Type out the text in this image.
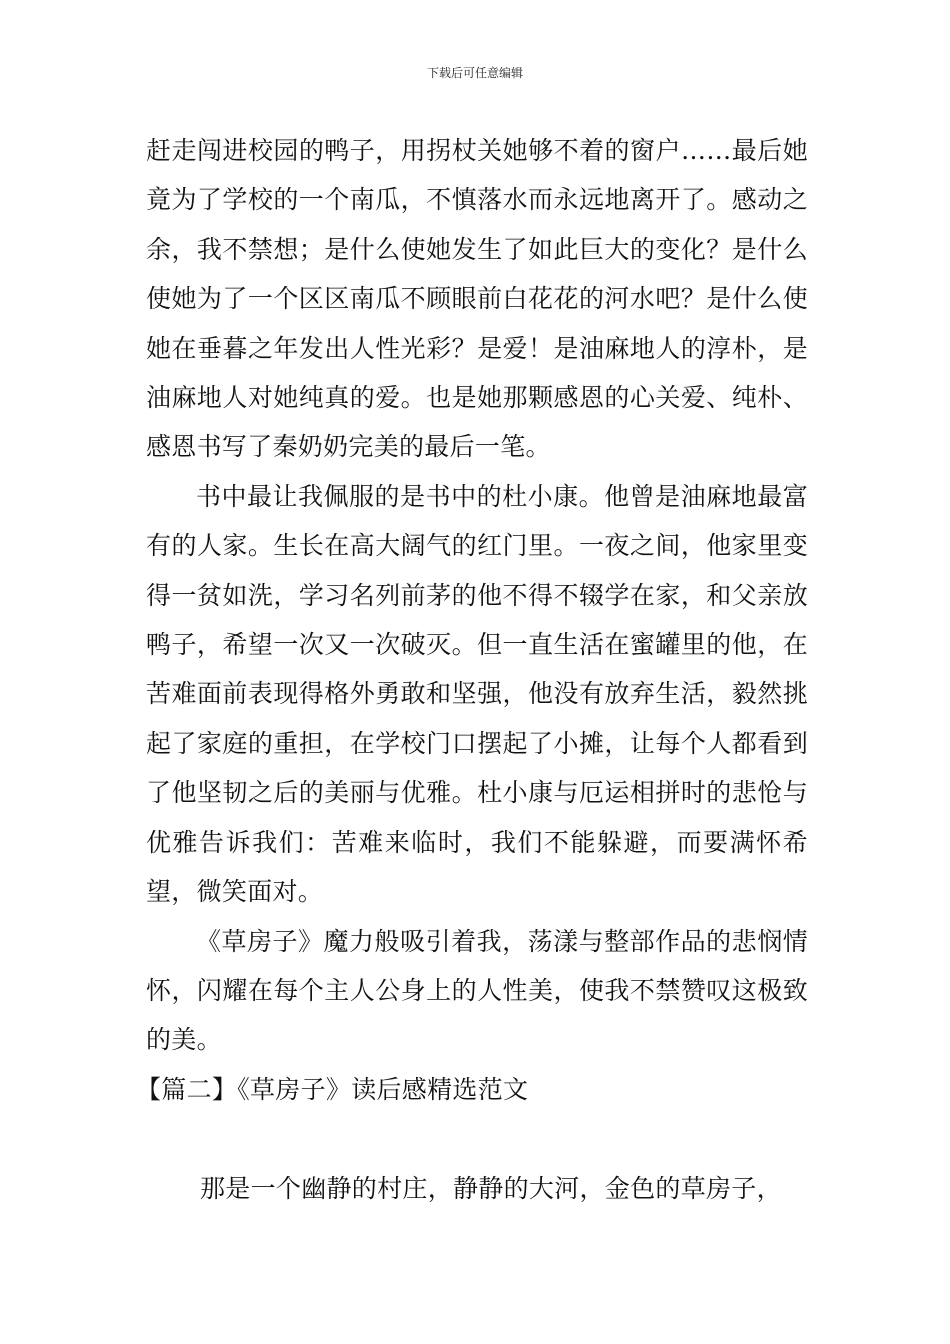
下载后可任意编辑

赶走闯进校园的鸭子，用拐杖关她够不着的窗户……最后她竟为了学校的一个南瓜，不慎落水而永远地离开了。感动之余，我不禁想；是什么使她发生了如此巨大的变化？是什么使她为了一个区区南瓜不顾眼前白花花的河水吧？是什么使她在垂暮之年发出人性光彩？是爱！是油麻地人的淳朴，是油麻地人对她纯真的爱。也是她那颗感恩的心关爱、纯朴、感恩书写了秦奶奶完美的最后一笔。

书中最让我佩服的是书中的杜小康。他曾是油麻地最富有的人家。生长在高大阔气的红门里。一夜之间，他家里变得一贫如洗，学习名列前茅的他不得不辍学在家，和父亲放鸭子，希望一次又一次破灭。但一直生活在蜜罐里的他，在苦难面前表现得格外勇敢和坚强，他没有放弃生活，毅然挑起了家庭的重担，在学校门口摆起了小摊，让每个人都看到了他坚韧之后的美丽与优雅。杜小康与厄运相拼时的悲怆与优雅告诉我们：苦难来临时，我们不能躲避，而要满怀希望，微笑面对。

《草房子》魔力般吸引着我，荡漾与整部作品的悲悯情怀，闪耀在每个主人公身上的人性美，使我不禁赞叹这极致的美。

【篇二】《草房子》读后感精选范文

那是一个幽静的村庄，静静的大河，金色的草房子，
